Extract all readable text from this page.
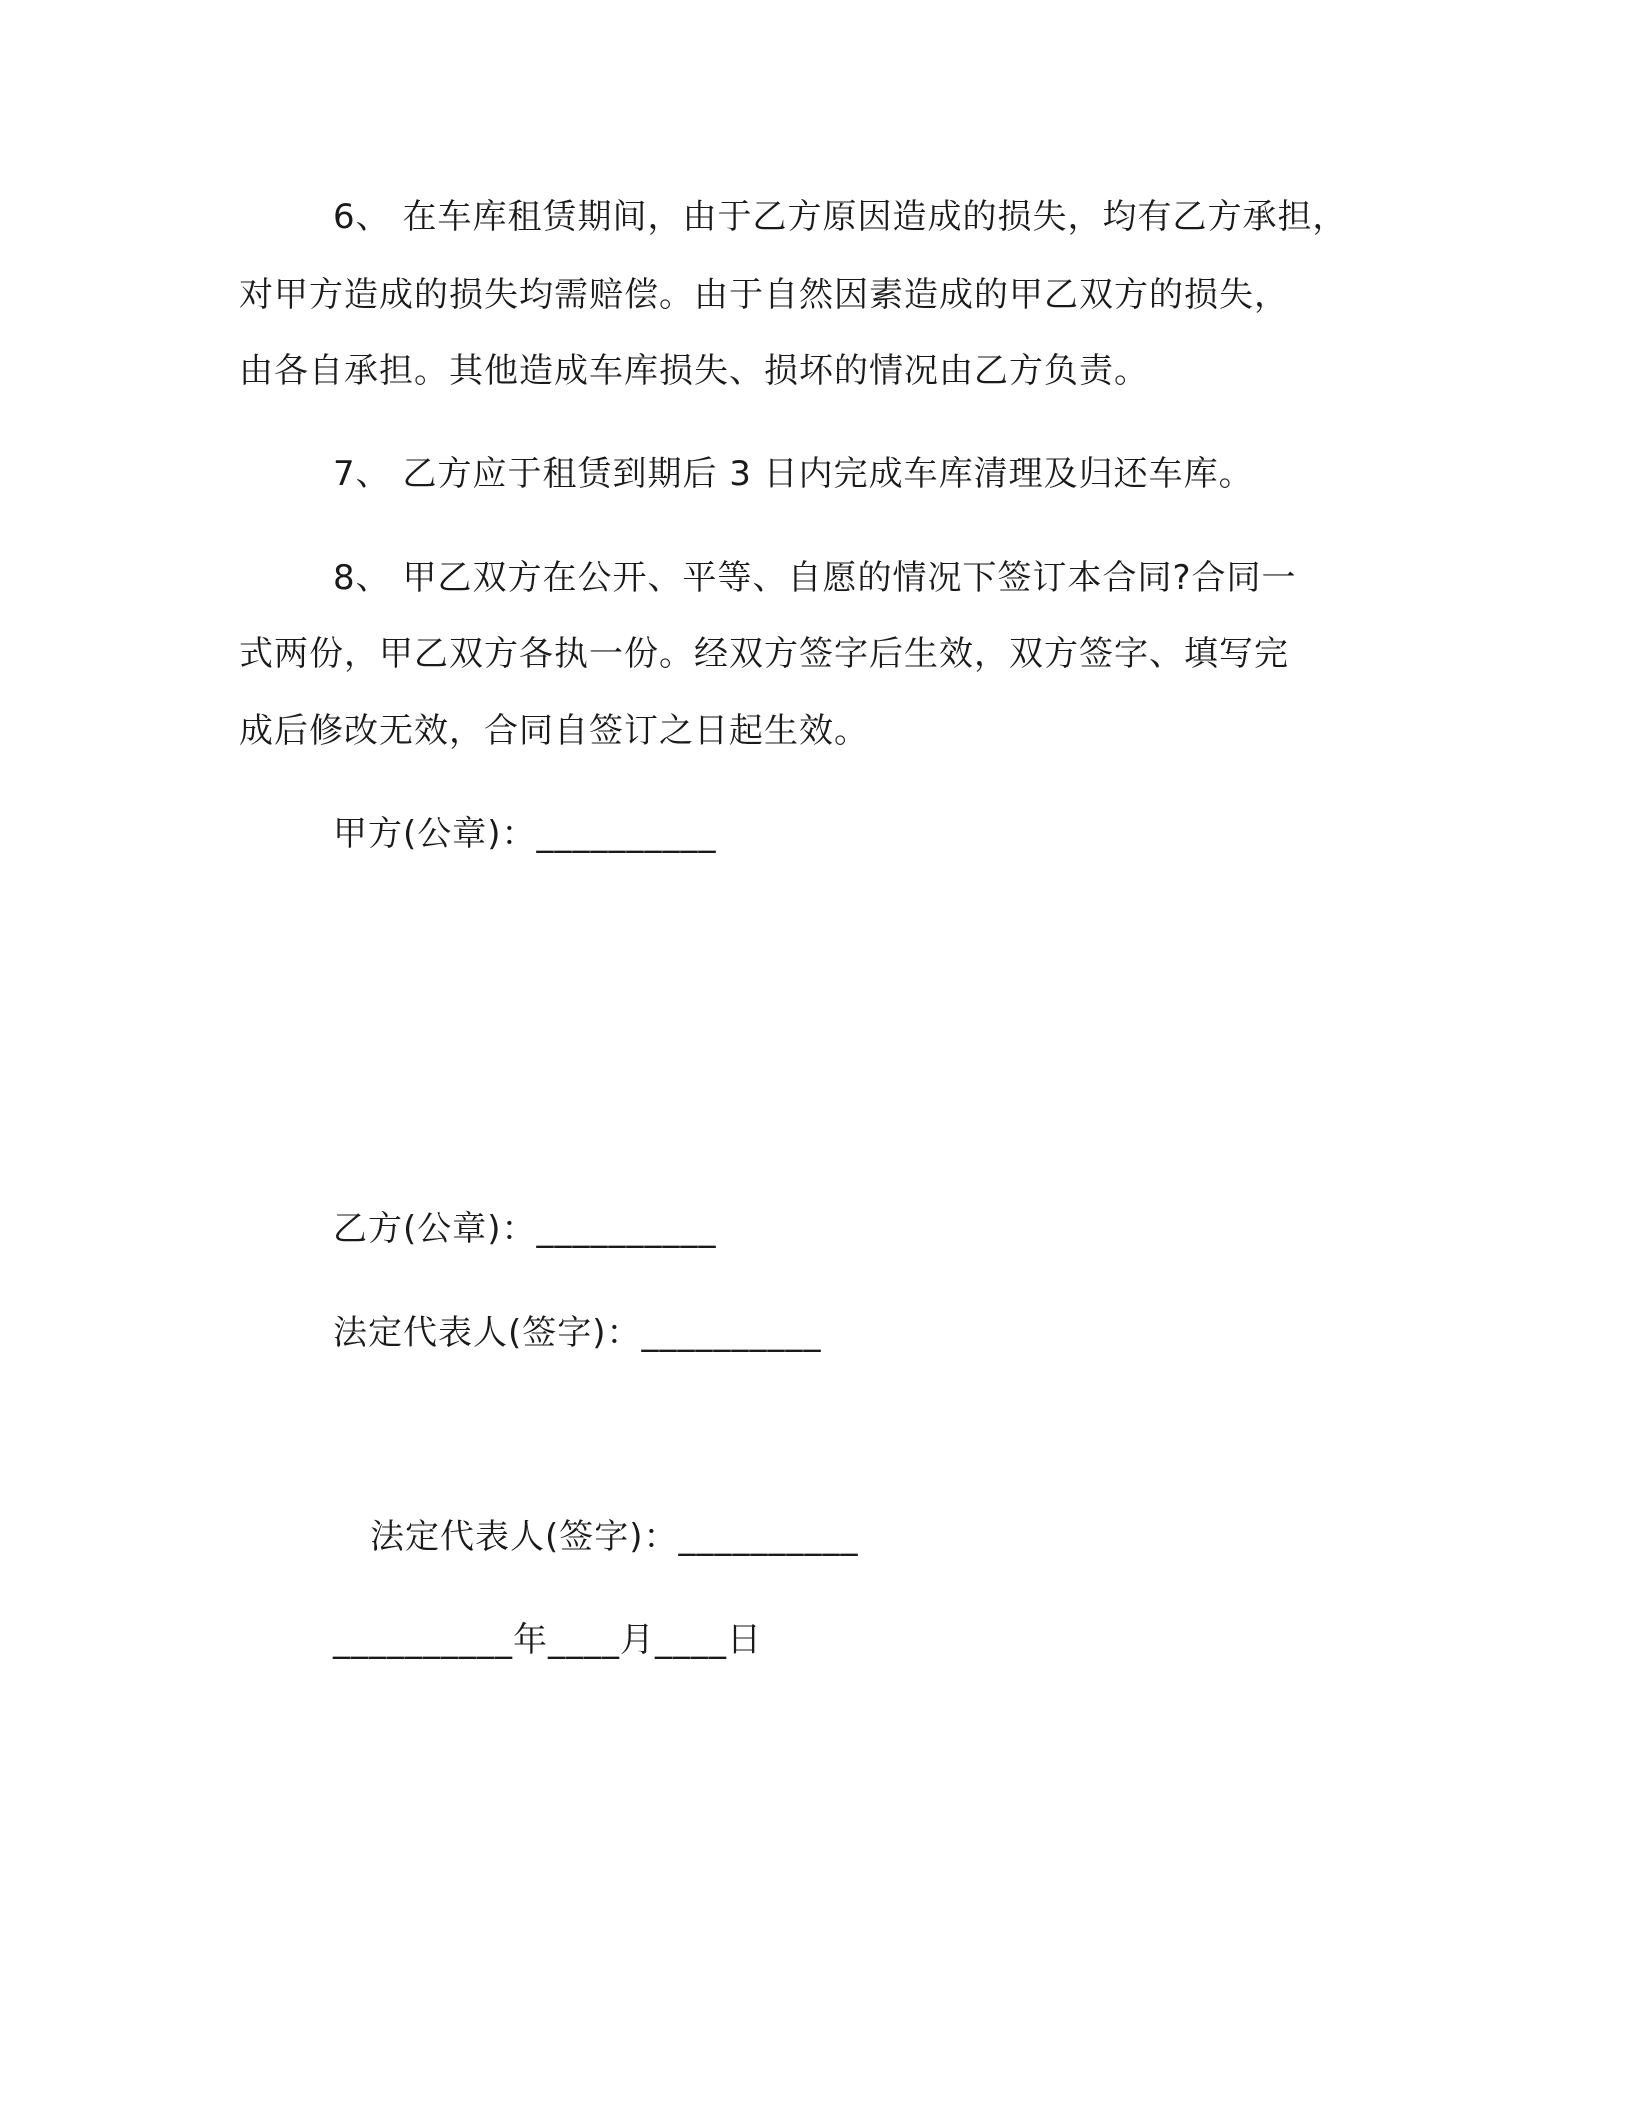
6、 在车库租赁期间，由于乙方原因造成的损失，均有乙方承担，
对甲方造成的损失均需赔偿。由于自然因素造成的甲乙双方的损失，
由各自承担。其他造成车库损失、损坏的情况由乙方负责。
7、 乙方应于租赁到期后 3 日内完成车库清理及归还车库。
8、 甲乙双方在公开、平等、自愿的情况下签订本合同?合同一
式两份，甲乙双方各执一份。经双方签字后生效，双方签字、填写完
成后修改无效，合同自签订之日起生效。
甲方(公章)：__________
乙方(公章)：__________
法定代表人(签字)：__________
法定代表人(签字)：__________
__________年____月____日
